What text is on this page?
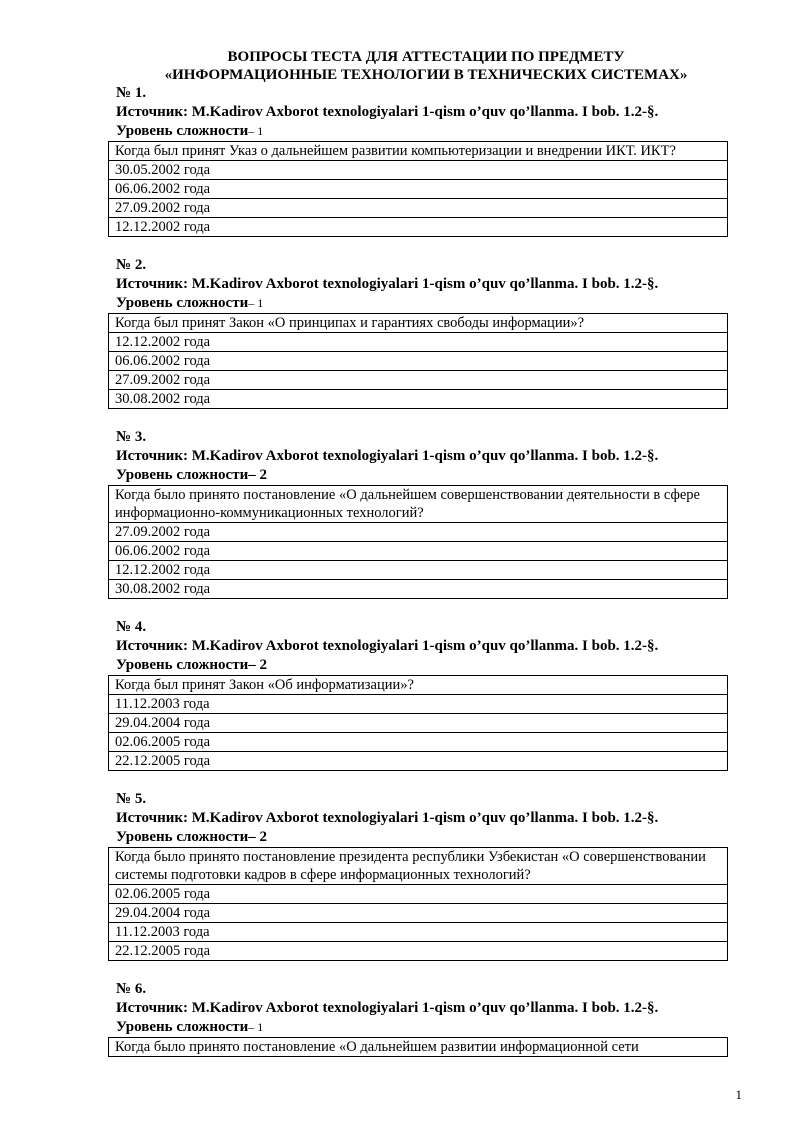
ВОПРОСЫ ТЕСТА ДЛЯ АТТЕСТАЦИИ ПО ПРЕДМЕТУ
«ИНФОРМАЦИОННЫЕ ТЕХНОЛОГИИ В ТЕХНИЧЕСКИХ СИСТЕМАХ»
№ 1.
Источник: M.Kadirov Axborot texnologiyalari 1-qism o’quv qo’llanma. I bob. 1.2-§.
Уровень сложности– 1
Когда был принят Указ о дальнейшем развитии компьютеризации и внедрении ИКТ. ИКТ?
30.05.2002 года
06.06.2002 года
27.09.2002 года
12.12.2002 года
№ 2.
Источник: M.Kadirov Axborot texnologiyalari 1-qism o’quv qo’llanma. I bob. 1.2-§.
Уровень сложности– 1
Когда был принят Закон «О принципах и гарантиях свободы информации»?
12.12.2002 года
06.06.2002 года
27.09.2002 года
30.08.2002 года
№ 3.
Источник: M.Kadirov Axborot texnologiyalari 1-qism o’quv qo’llanma. I bob. 1.2-§.
Уровень сложности– 2
Когда было принято постановление «О дальнейшем совершенствовании деятельности в сфере информационно-коммуникационных технологий?
27.09.2002 года
06.06.2002 года
12.12.2002 года
30.08.2002 года
№ 4.
Источник: M.Kadirov Axborot texnologiyalari 1-qism o’quv qo’llanma. I bob. 1.2-§.
Уровень сложности– 2
Когда был принят Закон «Об информатизации»?
11.12.2003 года
29.04.2004 года
02.06.2005 года
22.12.2005 года
№ 5.
Источник: M.Kadirov Axborot texnologiyalari 1-qism o’quv qo’llanma. I bob. 1.2-§.
Уровень сложности– 2
Когда было принято постановление президента республики Узбекистан «О совершенствовании системы подготовки кадров в сфере информационных технологий?
02.06.2005 года
29.04.2004 года
11.12.2003 года
22.12.2005 года
№ 6.
Источник: M.Kadirov Axborot texnologiyalari 1-qism o’quv qo’llanma. I bob. 1.2-§.
Уровень сложности– 1
Когда было принято постановление «О дальнейшем развитии информационной сети
1
